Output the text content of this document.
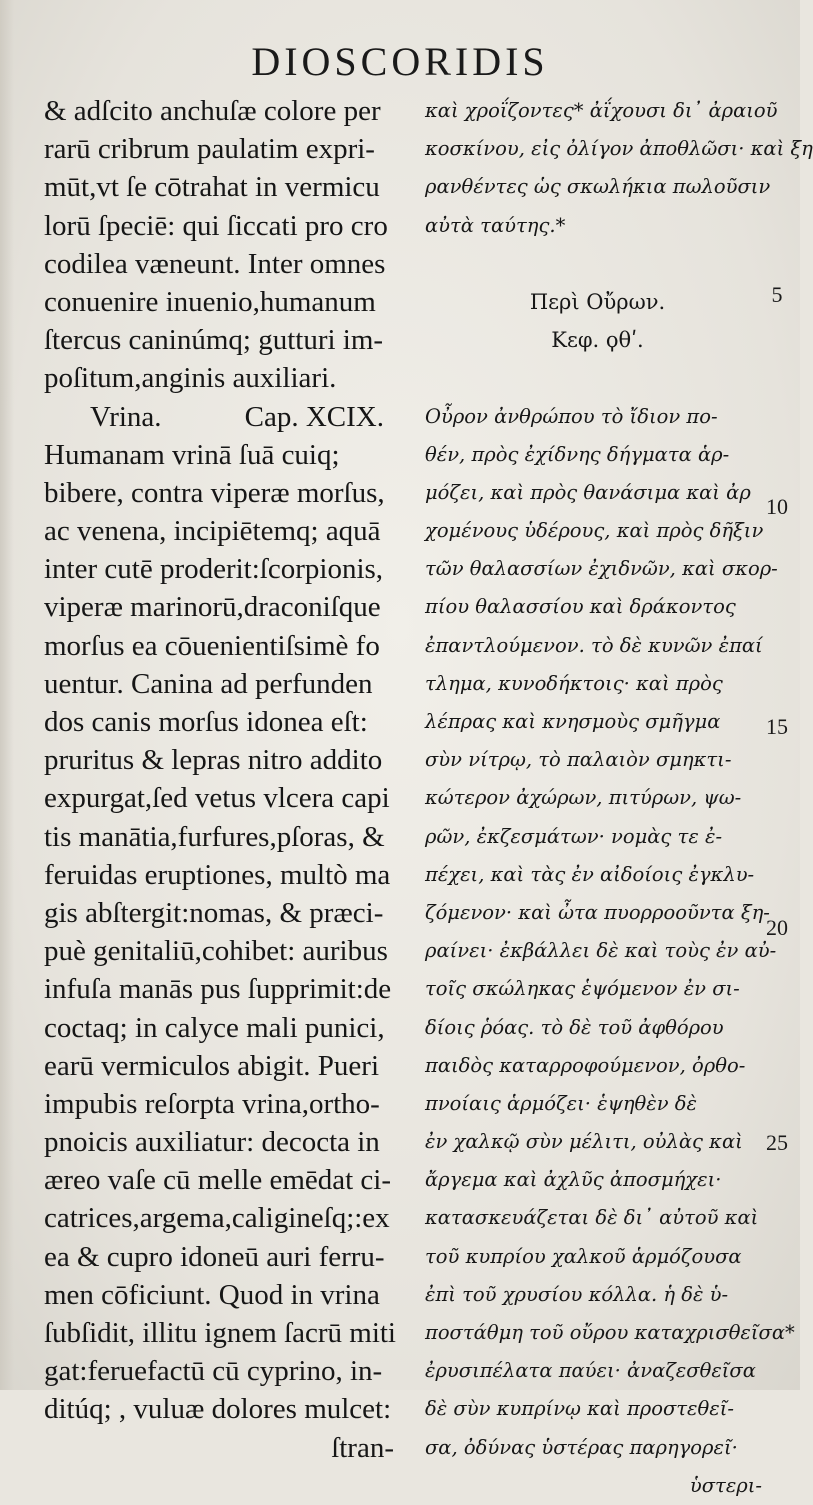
DIOSCORIDIS
& adſcito anchuſæ colore per
rarū cribrum paulatim expri-
mūt,vt ſe cōtrahat in vermicu
lorū ſpeciē: qui ſiccati pro cro
codilea væneunt. Inter omnes
conuenire inuenio,humanum
ſtercus caninúmq; gutturi im-
poſitum,anginis auxiliari.
Vrina.	Cap. XCIX.
Humanam vrinā ſuā cuiq;
bibere, contra viperæ morſus,
ac venena, incipiētemq; aquā
inter cutē proderit:ſcorpionis,
viperæ marinorū,draconiſque
morſus ea cōuenientiſsimè fo
uentur. Canina ad perfunden
dos canis morſus idonea eſt:
pruritus & lepras nitro addito
expurgat,ſed vetus vlcera capi
tis manātia,furfures,pſoras, &
feruidas eruptiones, multò ma
gis abſtergit:nomas, & præci-
puè genitaliū,cohibet: auribus
infuſa manās pus ſupprimit:de
coctaq; in calyce mali punici,
earū vermiculos abigit. Pueri
impubis reſorpta vrina,ortho-
pnoicis auxiliatur: decocta in
æreo vaſe cū melle emēdat ci-
catrices,argema,caligineſq;:ex
ea & cupro idoneū auri ferru-
men cōficiunt. Quod in vrina
ſubſidit, illitu ignem ſacrū miti
gat:feruefactū cū cyprino, in-
ditúq; , vuluæ dolores mulcet:
ſtran-
καὶ χροΐζοντες* ἀΐχουσι δι᾽ ἀραιοῦ
κοσκίνου, εἰς ὀλίγον ἀποθλῶσι· καὶ ξη
ρανθέντες ὡς σκωλήκια πωλοῦσιν
αὐτὰ ταύτης.*
Περὶ Οὔρων.
Κεφ. ϙθʹ.
Οὖρον ἀνθρώπου τὸ ἴδιον πο-
θέν, πρὸς ἐχίδνης δήγματα ἁρ-
μόζει, καὶ πρὸς θανάσιμα καὶ ἀρ
χομένους ὑδέρους, καὶ πρὸς δῆξιν
τῶν θαλασσίων ἐχιδνῶν, καὶ σκορ-
πίου θαλασσίου καὶ δράκοντος
ἐπαντλούμενον. τὸ δὲ κυνῶν ἐπαί
τλημα, κυνοδήκτοις· καὶ πρὸς
λέπρας καὶ κνησμοὺς σμῆγμα
σὺν νίτρῳ, τὸ παλαιὸν σμηκτι-
κώτερον ἀχώρων, πιτύρων, ψω-
ρῶν, ἐκζεσμάτων· νομὰς τε ἐ-
πέχει, καὶ τὰς ἐν αἰδοίοις ἐγκλυ-
ζόμενον· καὶ ὦτα πυορροοῦντα ξη-
ραίνει· ἐκβάλλει δὲ καὶ τοὺς ἐν αὐ-
τοῖς σκώληκας ἑψόμενον ἐν σι-
δίοις ῥόας. τὸ δὲ τοῦ ἀφθόρου
παιδὸς καταρροφούμενον, ὀρθο-
πνοίαις ἁρμόζει· ἑψηθὲν δὲ
ἐν χαλκῷ σὺν μέλιτι, οὐλὰς καὶ
ἄργεμα καὶ ἀχλῦς ἀποσμήχει·
κατασκευάζεται δὲ δι᾽ αὐτοῦ καὶ
τοῦ κυπρίου χαλκοῦ ἁρμόζουσα
ἐπὶ τοῦ χρυσίου κόλλα. ἡ δὲ ὑ-
ποστάθμη τοῦ οὔρου καταχρισθεῖσα*
ἐρυσιπέλατα παύει· ἀναζεσθεῖσα
δὲ σὺν κυπρίνῳ καὶ προστεθεῖ-
σα, ὀδύνας ὑστέρας παρηγορεῖ·
ὑστερι-
5
10
15
20
25
